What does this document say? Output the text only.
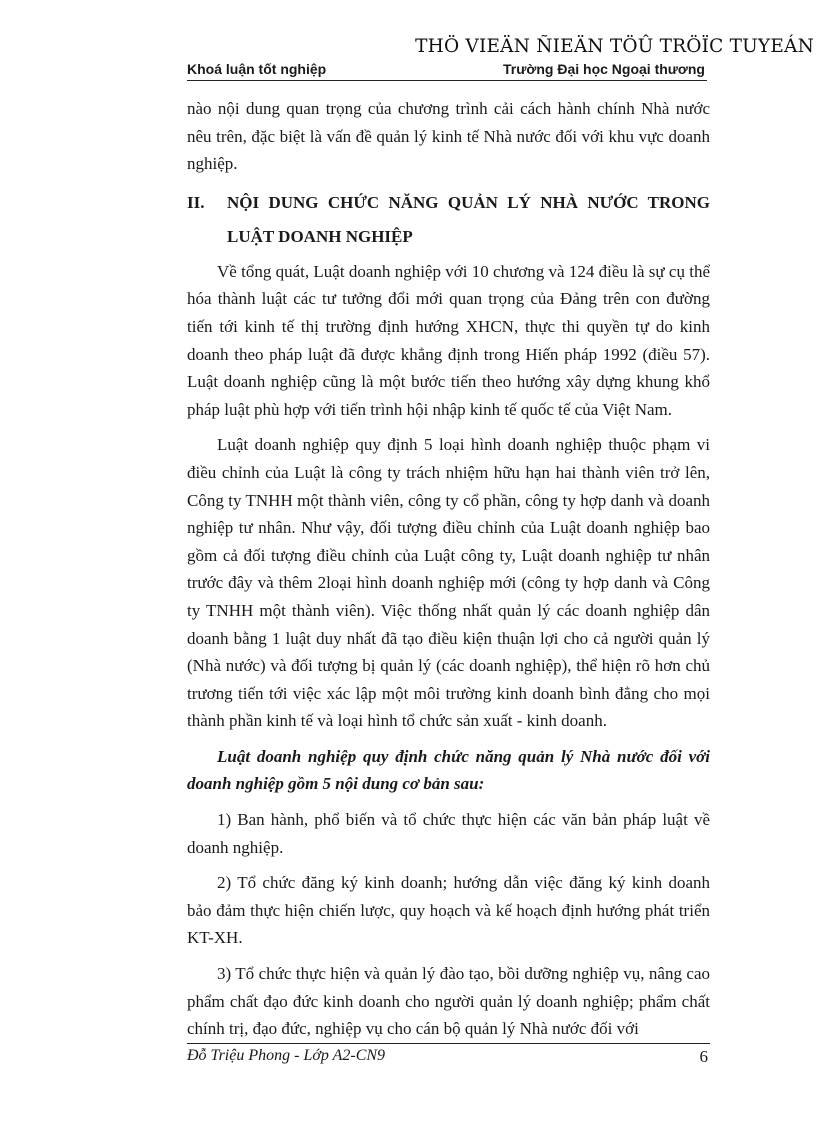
THÖ VIEÄN ÑIEÄN TÖÛ TRÖÏC TUYEÁN
Khoá luận tốt nghiệp	Trường Đại học Ngoại thương

nào nội dung quan trọng của chương trình cải cách hành chính Nhà nước nêu trên, đặc biệt là vấn đề quản lý kinh tế Nhà nước đối với khu vực doanh nghiệp.

II.	NỘI DUNG CHỨC NĂNG QUẢN LÝ NHÀ NƯỚC TRONG LUẬT DOANH NGHIỆP

Về tổng quát, Luật doanh nghiệp với 10 chương và 124 điều là sự cụ thể hóa thành luật các tư tưởng đổi mới quan trọng của Đảng trên con đường tiến tới kinh tế thị trường định hướng XHCN, thực thi quyền tự do kinh doanh theo pháp luật đã được khẳng định trong Hiến pháp 1992 (điều 57). Luật doanh nghiệp cũng là một bước tiến theo hướng xây dựng khung khổ pháp luật phù hợp với tiến trình hội nhập kinh tế quốc tế của Việt Nam.

Luật doanh nghiệp quy định 5 loại hình doanh nghiệp thuộc phạm vi điều chỉnh của Luật là công ty trách nhiệm hữu hạn hai thành viên trở lên, Công ty TNHH một thành viên, công ty cổ phần, công ty hợp danh và doanh nghiệp tư nhân. Như vậy, đối tượng điều chỉnh của Luật doanh nghiệp bao gồm cả đối tượng điều chỉnh của Luật công ty, Luật doanh nghiệp tư nhân trước đây và thêm 2loại hình doanh nghiệp mới (công ty hợp danh và Công ty TNHH một thành viên). Việc thống nhất quản lý các doanh nghiệp dân doanh bằng 1 luật duy nhất đã tạo điều kiện thuận lợi cho cả người quản lý (Nhà nước) và đối tượng bị quản lý (các doanh nghiệp), thể hiện rõ hơn chủ trương tiến tới việc xác lập một môi trường kinh doanh bình đẳng cho mọi thành phần kinh tế và loại hình tổ chức sản xuất - kinh doanh.

Luật doanh nghiệp quy định chức năng quản lý Nhà nước đối với doanh nghiệp gồm 5 nội dung cơ bản sau:

1) Ban hành, phổ biến và tổ chức thực hiện các văn bản pháp luật về doanh nghiệp.

2) Tổ chức đăng ký kinh doanh; hướng dẫn việc đăng ký kinh doanh bảo đảm thực hiện chiến lược, quy hoạch và kế hoạch định hướng phát triển KT-XH.

3) Tổ chức thực hiện và quản lý đào tạo, bồi dưỡng nghiệp vụ, nâng cao phẩm chất đạo đức kinh doanh cho người quản lý doanh nghiệp; phẩm chất chính trị, đạo đức, nghiệp vụ cho cán bộ quản lý Nhà nước đối với

Đỗ Triệu Phong - Lớp A2-CN9	6
